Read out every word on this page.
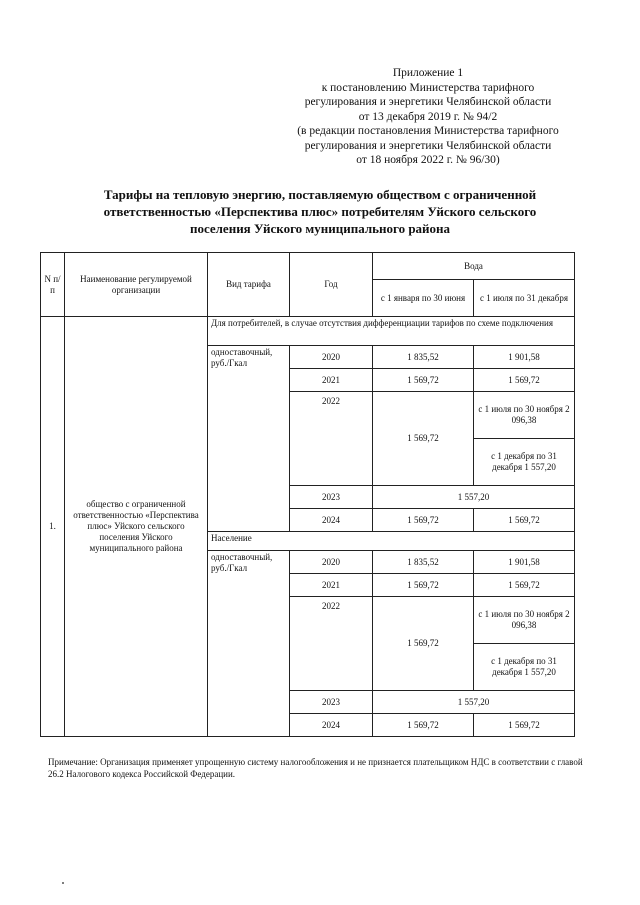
Приложение 1
к постановлению Министерства тарифного
регулирования и энергетики Челябинской области
от 13 декабря 2019 г. № 94/2
(в редакции постановления Министерства тарифного
регулирования и энергетики Челябинской области
от 18 ноября 2022 г. № 96/30)
Тарифы на тепловую энергию, поставляемую обществом с ограниченной
ответственностью «Перспектива плюс» потребителям Уйского сельского
поселения Уйского муниципального района
N п/п	Наименование регулируемой организации	Вид тарифа	Год	Вода	
				с 1 января по 30 июня	с 1 июля по 31 декабря
1.	общество с ограниченной ответственностью «Перспектива плюс» Уйского сельского поселения Уйского муниципального района	Для потребителей, в случае отсутствия дифференциации тарифов по схеме подключения			
		одноставочный, руб./Гкал	2020	1 835,52	1 901,58
			2021	1 569,72	1 569,72
			2022	1 569,72	с 1 июля по 30 ноября 2 096,38
					с 1 декабря по 31 декабря 1 557,20
			2023	1 557,20	
			2024	1 569,72	1 569,72
		Население			
		одноставочный, руб./Гкал	2020	1 835,52	1 901,58
			2021	1 569,72	1 569,72
			2022	1 569,72	с 1 июля по 30 ноября 2 096,38
					с 1 декабря по 31 декабря 1 557,20
			2023	1 557,20	
			2024	1 569,72	1 569,72
Примечание: Организация применяет упрощенную систему налогообложения и не признается плательщиком НДС в соответствии с главой 26.2 Налогового кодекса Российской Федерации.
